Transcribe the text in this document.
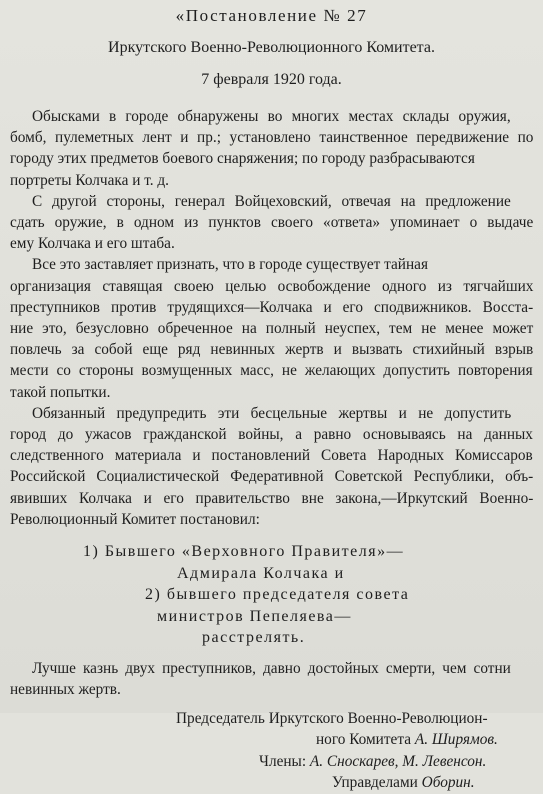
«Постановление № 27
Иркутского Военно-Революционного Комитета.
7 февраля 1920 года.

Обысками в городе обнаружены во многих местах склады оружия,
бомб, пулеметных лент и пр.; установлено таинственное передвижение по
городу этих предметов боевого снаряжения; по городу разбрасываются
портреты Колчака и т. д.

С другой стороны, генерал Войцеховский, отвечая на предложение
сдать оружие, в одном из пунктов своего «ответа» упоминает о выдаче
ему Колчака и его штаба.

Все это заставляет признать, что в городе существует тайная
организация ставящая своею целью освобождение одного из тягчайших
преступников против трудящихся—Колчака и его сподвижников. Восста-
ние это, безусловно обреченное на полный неуспех, тем не менее может
повлечь за собой еще ряд невинных жертв и вызвать стихийный взрыв
мести со стороны возмущенных масс, не желающих допустить повторения
такой попытки.

Обязанный предупредить эти бесцельные жертвы и не допустить
город до ужасов гражданской войны, а равно основываясь на данных
следственного материала и постановлений Совета Народных Комиссаров
Российской Социалистической Федеративной Советской Республики, объ-
явивших Колчака и его правительство вне закона,—Иркутский Военно-
Революционный Комитет постановил:

1) Бывшего «Верховного Правителя»—
Адмирала Колчака и
2) бывшего председателя совета
министров Пепеляева—
расстрелять.

Лучше казнь двух преступников, давно достойных смерти, чем сотни
невинных жертв.

Председатель Иркутского Военно-Революцион-
ного Комитета А. Ширямов.
Члены: А. Сноскарев, М. Левенсон.
Управделами Оборин.
